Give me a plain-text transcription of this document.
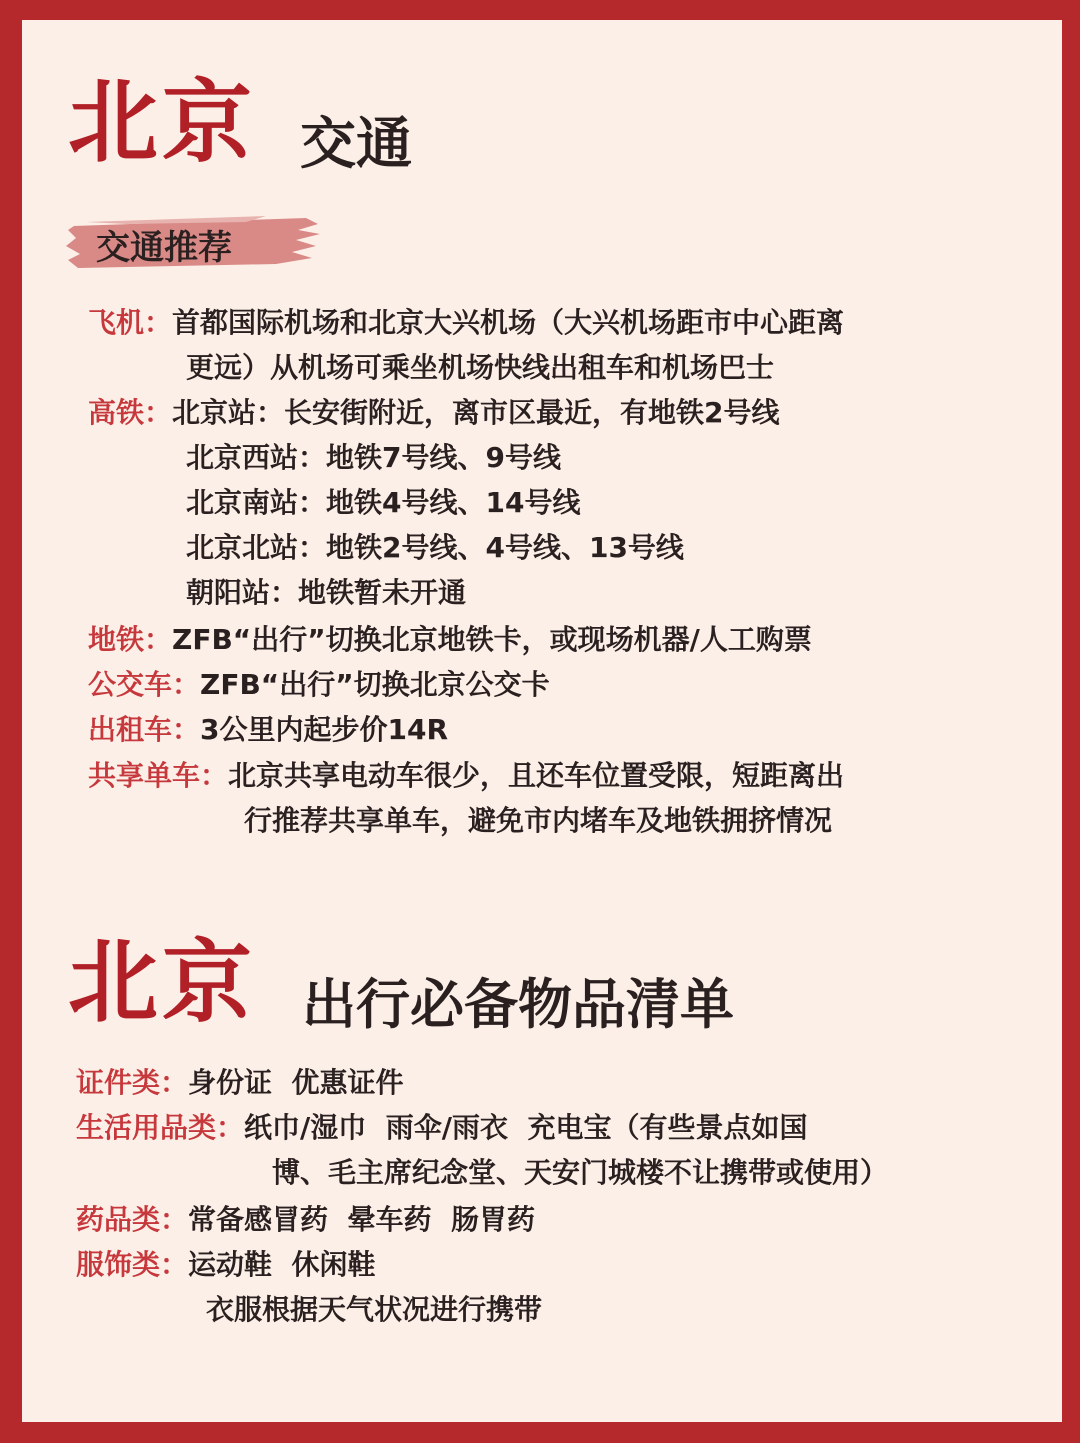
北京 交通
交通推荐
飞机：首都国际机场和北京大兴机场（大兴机场距市中心距离
更远）从机场可乘坐机场快线出租车和机场巴士
高铁：北京站：长安街附近，离市区最近，有地铁2号线
北京西站：地铁7号线、9号线
北京南站：地铁4号线、14号线
北京北站：地铁2号线、4号线、13号线
朝阳站：地铁暂未开通
地铁：ZFB“出行”切换北京地铁卡，或现场机器/人工购票
公交车：ZFB“出行”切换北京公交卡
出租车：3公里内起步价14R
共享单车：北京共享电动车很少，且还车位置受限，短距离出
行推荐共享单车，避免市内堵车及地铁拥挤情况
北京 出行必备物品清单
证件类：身份证  优惠证件
生活用品类：纸巾/湿巾  雨伞/雨衣  充电宝（有些景点如国
博、毛主席纪念堂、天安门城楼不让携带或使用）
药品类：常备感冒药  晕车药  肠胃药
服饰类：运动鞋  休闲鞋
衣服根据天气状况进行携带
